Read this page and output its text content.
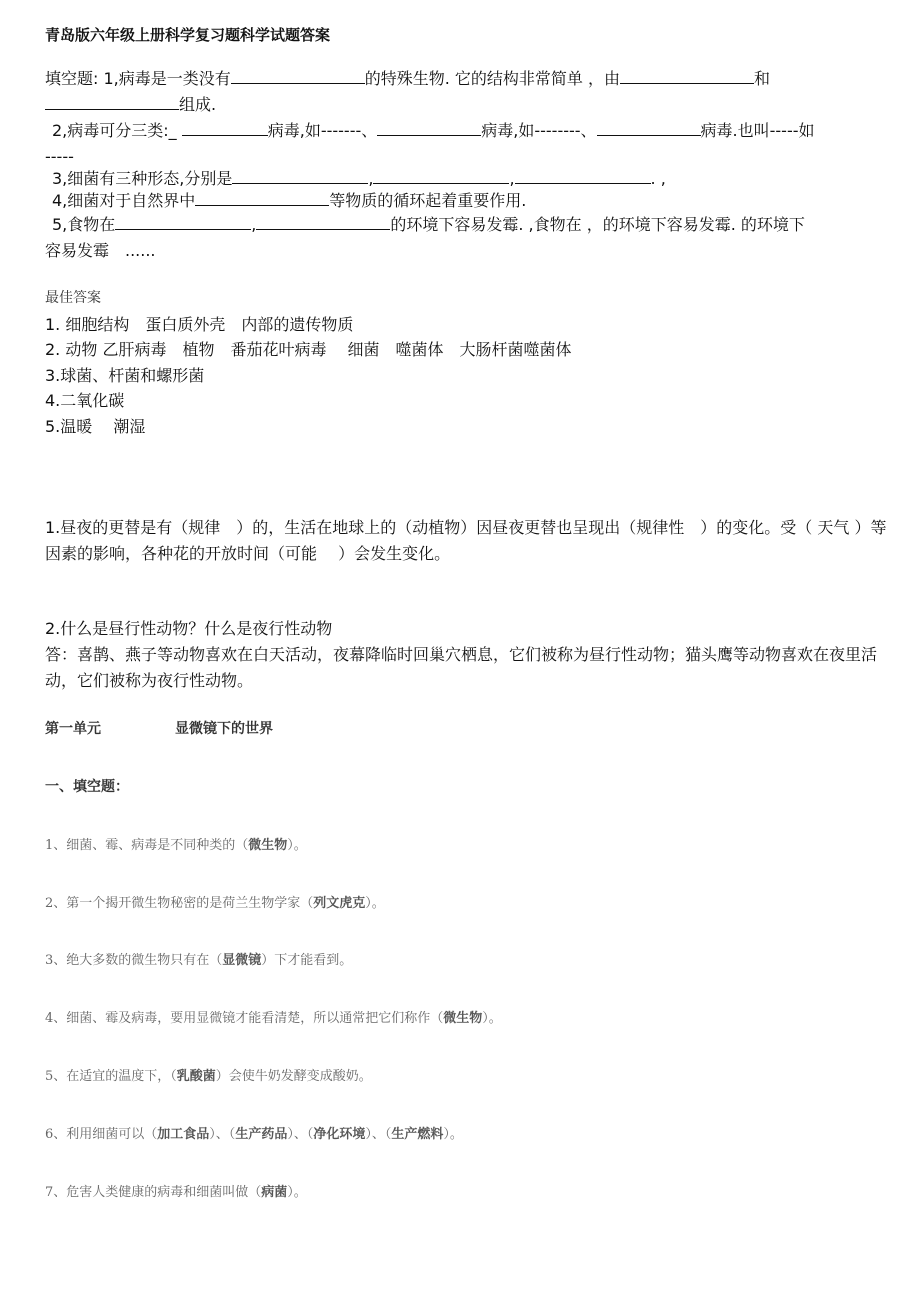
青岛版六年级上册科学复习题科学试题答案
填空题: 1,病毒是一类没有	的特殊生物. 它的结构非常简单 ，由	和
组成.
2,病毒可分三类:_	病毒,如-------、	病毒,如--------、	病毒.也叫-----如
-----
3,细菌有三种形态,分别是	,	,	. ,
4,细菌对于自然界中	等物质的循环起着重要作用.
5,食物在	,	的环境下容易发霉. ,食物在 ，的环境下容易发霉. 的环境下
容易发霉　......
最佳答案
1. 细胞结构　蛋白质外壳　内部的遗传物质
2. 动物 乙肝病毒　植物　番茄花叶病毒　 细菌　噬菌体　大肠杆菌噬菌体
3.球菌、杆菌和螺形菌
4.二氧化碳
5.温暖　 潮湿
1.昼夜的更替是有（规律　）的，生活在地球上的（动植物）因昼夜更替也呈现出（规律性　）的变化。受（ 天气 ）等因素的影响，各种花的开放时间（可能　 ）会发生变化。
2.什么是昼行性动物？什么是夜行性动物
答：喜鹊、燕子等动物喜欢在白天活动，夜幕降临时回巢穴栖息，它们被称为昼行性动物；猫头鹰等动物喜欢在夜里活动，它们被称为夜行性动物。
第一单元	显微镜下的世界
一、填空题：
1、细菌、霉、病毒是不同种类的（微生物）。
2、第一个揭开微生物秘密的是荷兰生物学家（列文虎克）。
3、绝大多数的微生物只有在（显微镜）下才能看到。
4、细菌、霉及病毒，要用显微镜才能看清楚，所以通常把它们称作（微生物）。
5、在适宜的温度下，（乳酸菌）会使牛奶发酵变成酸奶。
6、利用细菌可以（加工食品）、（生产药品）、（净化环境）、（生产燃料）。
7、危害人类健康的病毒和细菌叫做（病菌）。
